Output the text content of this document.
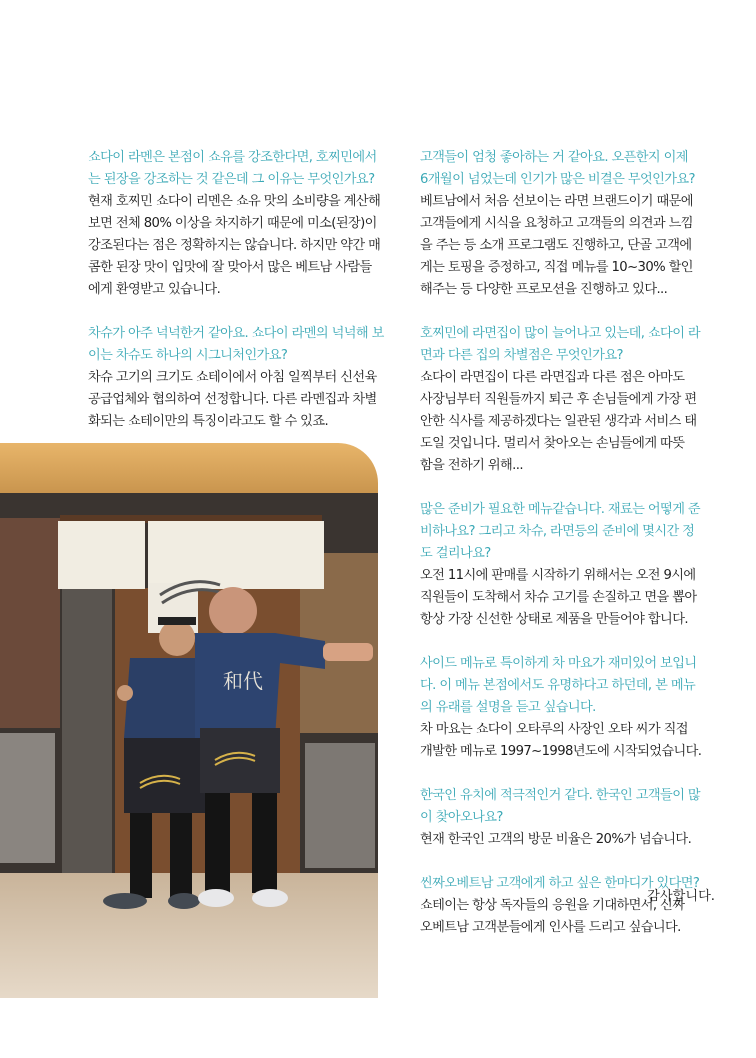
쇼다이 라멘은 본점이 쇼유를 강조한다면, 호찌민에서
는 된장을 강조하는 것 같은데 그 이유는 무엇인가요?
현재 호찌민 쇼다이 리멘은 쇼유 맛의 소비량을 계산해
보면 전체 80% 이상을 차지하기 때문에 미소(된장)이
강조된다는 점은 정확하지는 않습니다. 하지만 약간 매
콤한 된장 맛이 입맛에 잘 맞아서 많은 베트남 사람들
에게 환영받고 있습니다.
차슈가 아주 넉넉한거 같아요. 쇼다이 라멘의 넉넉해 보
이는 차슈도 하나의 시그니처인가요?
차슈 고기의 크기도 쇼테이에서 아침 일찍부터 신선육
공급업체와 협의하여 선정합니다. 다른 라멘집과 차별
화되는 쇼테이만의 특징이라고도 할 수 있죠.
고객들이 엄청 좋아하는 거 같아요. 오픈한지 이제
6개월이 넘었는데 인기가 많은 비결은 무엇인가요?
베트남에서 처음 선보이는 라면 브랜드이기 때문에
고객들에게 시식을 요청하고 고객들의 의견과 느낌
을 주는 등 소개 프로그램도 진행하고, 단골 고객에
게는 토핑을 증정하고, 직접 메뉴를 10~30% 할인
해주는 등 다양한 프로모션을 진행하고 있다...
호찌민에 라면집이 많이 늘어나고 있는데, 쇼다이 라
면과 다른 집의 차별점은 무엇인가요?
쇼다이 라면집이 다른 라면집과 다른 점은 아마도
사장님부터 직원들까지 퇴근 후 손님들에게 가장 편
안한 식사를 제공하겠다는 일관된 생각과 서비스 태
도일 것입니다. 멀리서 찾아오는 손님들에게 따뜻
함을 전하기 위해...
많은 준비가 필요한 메뉴같습니다. 재료는 어떻게 준
비하나요? 그리고 차슈, 라면등의 준비에 몇시간 정
도 걸리나요?
오전 11시에 판매를 시작하기 위해서는 오전 9시에
직원들이 도착해서 차슈 고기를 손질하고 면을 뽑아
항상 가장 신선한 상태로 제품을 만들어야 합니다.
사이드 메뉴로 특이하게 차 마요가 재미있어 보입니
다. 이 메뉴 본점에서도 유명하다고 하던데, 본 메뉴
의 유래를 설명을 듣고 싶습니다.
차 마요는 쇼다이 오타루의 사장인 오타 씨가 직접
개발한 메뉴로 1997~1998년도에 시작되었습니다.
한국인 유치에 적극적인거 같다. 한국인 고객들이 많
이 찾아오나요?
현재 한국인 고객의 방문 비율은 20%가 넘습니다.
씬짜오베트남 고객에게 하고 싶은 한마디가 있다면?
쇼테이는 항상 독자들의 응원을 기대하면서, 신짜
오베트남 고객분들에게 인사를 드리고 싶습니다.
감사합니다.
和代
